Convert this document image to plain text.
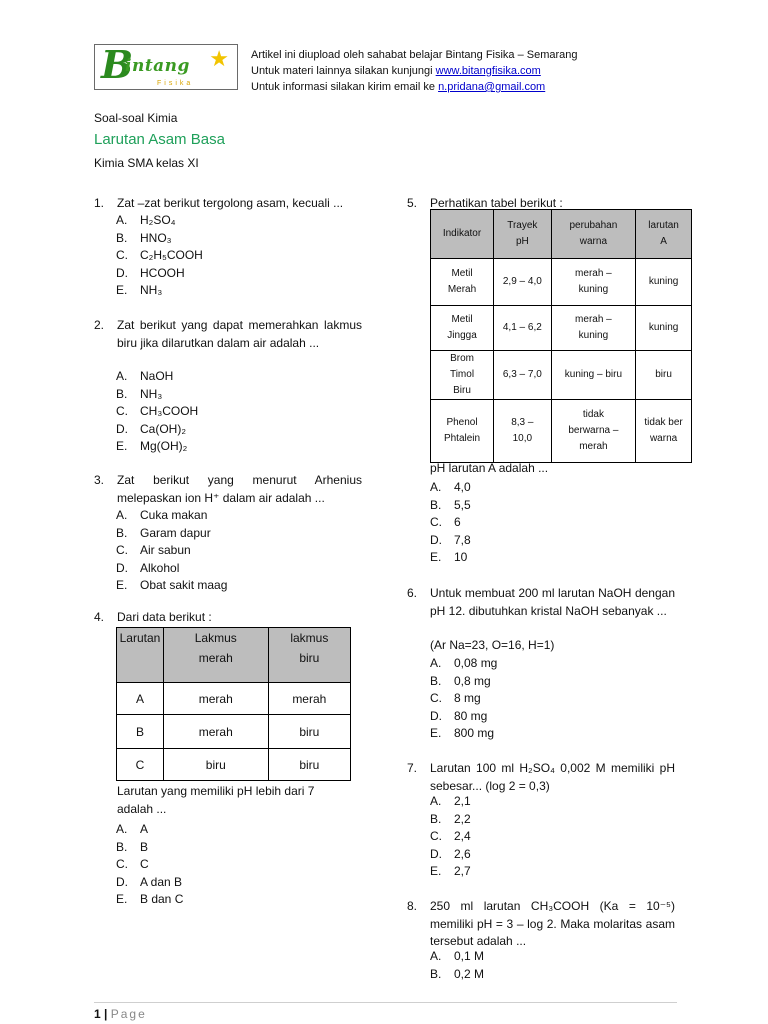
B
intang ★
Fisika
Artikel ini diupload oleh sahabat belajar Bintang Fisika – Semarang
Untuk materi lainnya silakan kunjungi www.bitangfisika.com
Untuk informasi silakan kirim email ke n.pridana@gmail.com
Soal-soal Kimia
Larutan Asam Basa
Kimia SMA kelas XI
1. Zat –zat berikut tergolong asam, kecuali ...
A. H₂SO₄
B. HNO₃
C. C₂H₅COOH
D. HCOOH
E. NH₃
2. Zat berikut yang dapat memerahkan lakmus biru jika dilarutkan dalam air adalah ...
A. NaOH
B. NH₃
C. CH₃COOH
D. Ca(OH)₂
E. Mg(OH)₂
3. Zat berikut yang menurut Arhenius melepaskan ion H⁺ dalam air adalah ...
A. Cuka makan
B. Garam dapur
C. Air sabun
D. Alkohol
E. Obat sakit maag
4. Dari data berikut :
Larutan	Lakmus merah	lakmus biru
A	merah	merah
B	merah	biru
C	biru	biru
Larutan yang memiliki pH lebih dari 7 adalah ...
A. A
B. B
C. C
D. A dan B
E. B dan C
5. Perhatikan tabel berikut :
Indikator	Trayek pH	perubahan warna	larutan A
Metil Merah	2,9 – 4,0	merah – kuning	kuning
Metil Jingga	4,1 – 6,2	merah – kuning	kuning
Brom Timol Biru	6,3 – 7,0	kuning – biru	biru
Phenol Phtalein	8,3 – 10,0	tidak berwarna – merah	tidak berwarna
pH larutan A adalah ...
A. 4,0
B. 5,5
C. 6
D. 7,8
E. 10
6. Untuk membuat 200 ml larutan NaOH dengan pH 12. dibutuhkan kristal NaOH sebanyak ...
(Ar Na=23, O=16, H=1)
A. 0,08 mg
B. 0,8 mg
C. 8 mg
D. 80 mg
E. 800 mg
7. Larutan 100 ml H₂SO₄ 0,002 M memiliki pH sebesar... (log 2 = 0,3)
A. 2,1
B. 2,2
C. 2,4
D. 2,6
E. 2,7
8. 250 ml larutan CH₃COOH (Ka = 10⁻⁵) memiliki pH = 3 – log 2. Maka molaritas asam tersebut adalah ...
A. 0,1 M
B. 0,2 M
1 | Page
